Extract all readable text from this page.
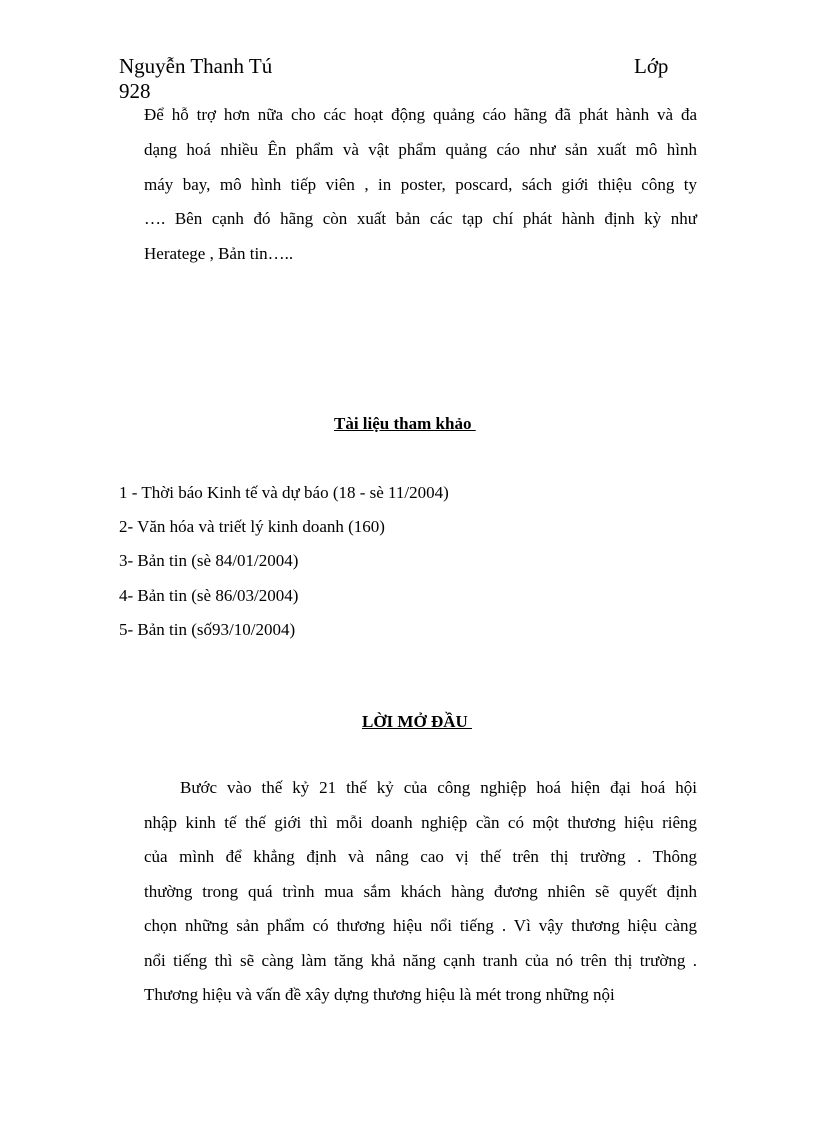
Nguyễn Thanh Tú	Lớp
928
Để hỗ trợ hơn nữa cho các hoạt động quảng cáo hãng đã phát hành và đa
dạng hoá nhiều Ên phẩm và vật phẩm quảng cáo như sản xuất mô hình
máy bay, mô hình tiếp viên , in poster, poscard, sách giới thiệu công ty
…. Bên cạnh đó hãng còn xuất bản các tạp chí phát hành định kỳ như
Heratege , Bản tin…..
Tài liệu tham khảo
1 - Thời báo Kinh tế và dự báo (18 - sè 11/2004)
2- Văn hóa và triết lý kinh doanh (160)
3- Bản tin (sè 84/01/2004)
4- Bản tin (sè 86/03/2004)
5- Bản tin (số93/10/2004)
LỜI MỞ ĐẦU
Bước vào thế kỷ 21 thế kỷ của công nghiệp hoá hiện đại hoá hội
nhập kinh tế thế giới thì mỗi doanh nghiệp cần có một thương hiệu riêng
của mình để khẳng định và nâng cao vị thế trên thị trường . Thông
thường trong quá trình mua sắm khách hàng đương nhiên sẽ quyết định
chọn những sản phẩm có thương hiệu nổi tiếng . Vì vậy thương hiệu càng
nổi tiếng thì sẽ càng làm tăng khả năng cạnh tranh của nó trên thị trường .
Thương hiệu và vấn đề xây dựng thương hiệu là mét trong những nội
